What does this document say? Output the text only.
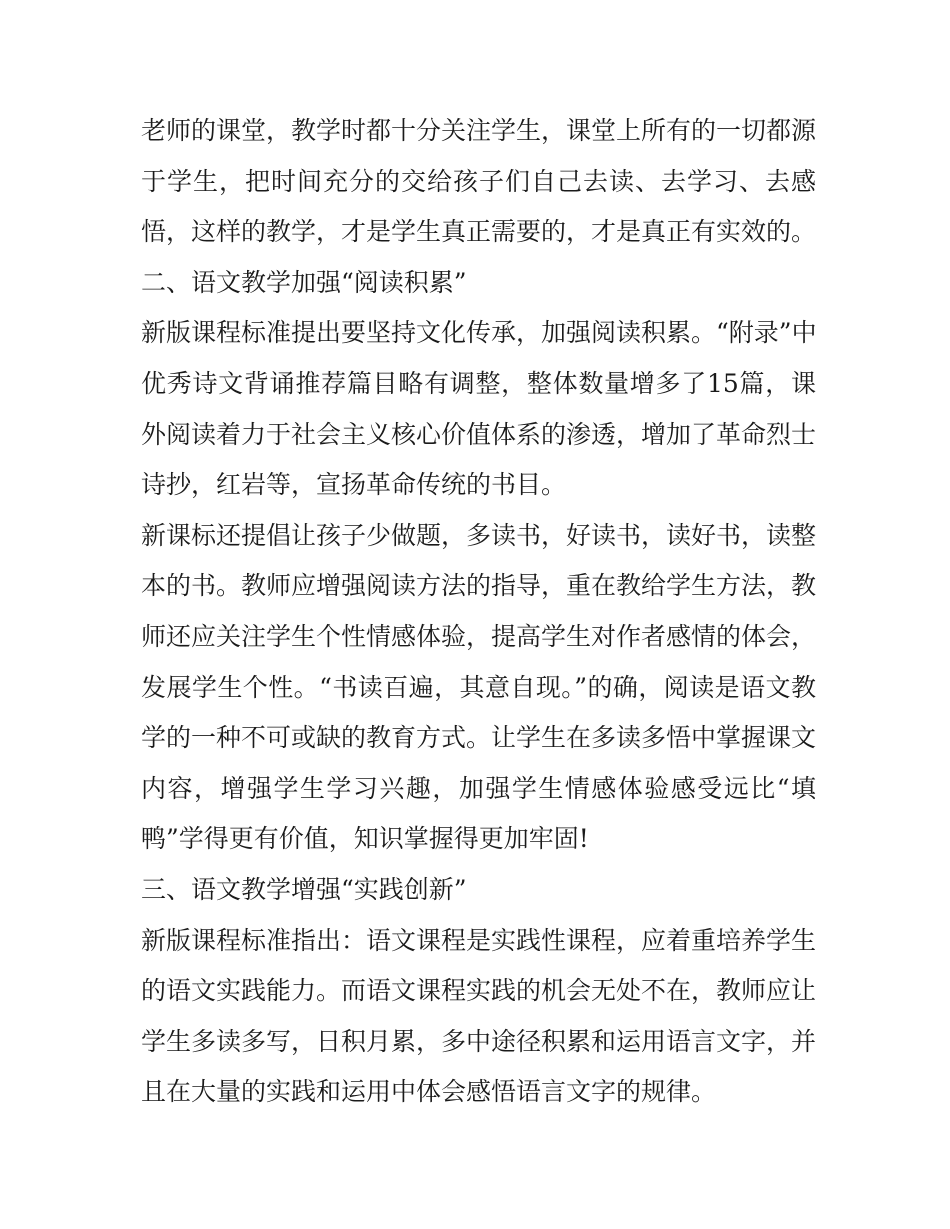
老师的课堂，教学时都十分关注学生，课堂上所有的一切都源

于学生，把时间充分的交给孩子们自己去读、去学习、去感

悟，这样的教学，才是学生真正需要的，才是真正有实效的。

二、语文教学加强“阅读积累”

新版课程标准提出要坚持文化传承，加强阅读积累。“附录”中

优秀诗文背诵推荐篇目略有调整，整体数量增多了15篇，课

外阅读着力于社会主义核心价值体系的渗透，增加了革命烈士

诗抄，红岩等，宣扬革命传统的书目。

新课标还提倡让孩子少做题，多读书，好读书，读好书，读整

本的书。教师应增强阅读方法的指导，重在教给学生方法，教

师还应关注学生个性情感体验，提高学生对作者感情的体会，

发展学生个性。“书读百遍，其意自现。”的确，阅读是语文教

学的一种不可或缺的教育方式。让学生在多读多悟中掌握课文

内容，增强学生学习兴趣，加强学生情感体验感受远比“填

鸭”学得更有价值，知识掌握得更加牢固!

三、语文教学增强“实践创新”

新版课程标准指出：语文课程是实践性课程，应着重培养学生

的语文实践能力。而语文课程实践的机会无处不在，教师应让

学生多读多写，日积月累，多中途径积累和运用语言文字，并

且在大量的实践和运用中体会感悟语言文字的规律。
